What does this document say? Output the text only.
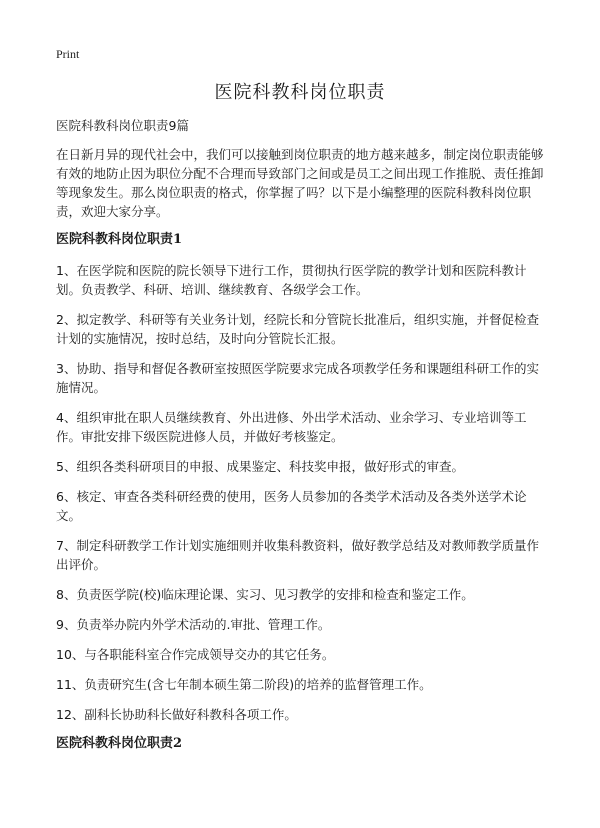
Print
医院科教科岗位职责

医院科教科岗位职责9篇

在日新月异的现代社会中，我们可以接触到岗位职责的地方越来越多，制定岗位职责能够有效的地防止因为职位分配不合理而导致部门之间或是员工之间出现工作推脱、责任推卸等现象发生。那么岗位职责的格式，你掌握了吗？以下是小编整理的医院科教科岗位职责，欢迎大家分享。

医院科教科岗位职责1

1、在医学院和医院的院长领导下进行工作，贯彻执行医学院的教学计划和医院科教计划。负责教学、科研、培训、继续教育、各级学会工作。

2、拟定教学、科研等有关业务计划，经院长和分管院长批准后，组织实施，并督促检查计划的实施情况，按时总结，及时向分管院长汇报。

3、协助、指导和督促各教研室按照医学院要求完成各项教学任务和课题组科研工作的实施情况。

4、组织审批在职人员继续教育、外出进修、外出学术活动、业余学习、专业培训等工作。审批安排下级医院进修人员，并做好考核鉴定。

5、组织各类科研项目的申报、成果鉴定、科技奖申报，做好形式的审查。

6、核定、审查各类科研经费的使用，医务人员参加的各类学术活动及各类外送学术论文。

7、制定科研教学工作计划实施细则并收集科教资料，做好教学总结及对教师教学质量作出评价。

8、负责医学院(校)临床理论课、实习、见习教学的安排和检查和鉴定工作。

9、负责举办院内外学术活动的.审批、管理工作。

10、与各职能科室合作完成领导交办的其它任务。

11、负责研究生(含七年制本硕生第二阶段)的培养的监督管理工作。

12、副科长协助科长做好科教科各项工作。

医院科教科岗位职责2
